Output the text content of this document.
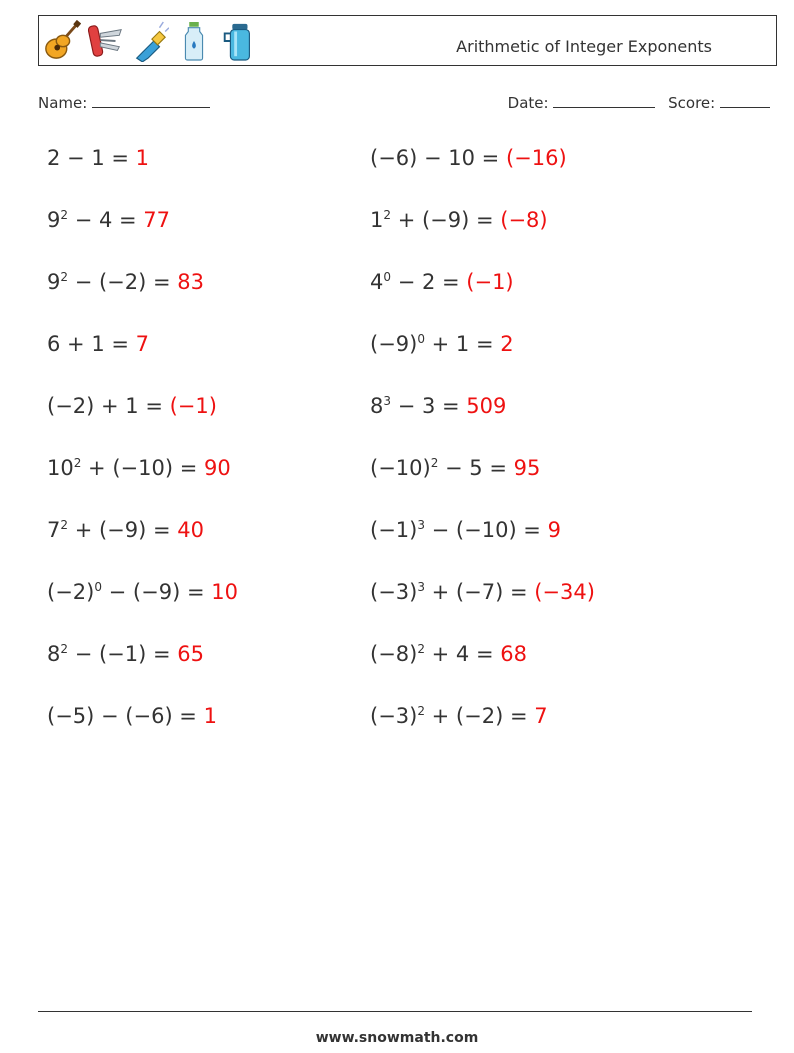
Arithmetic of Integer Exponents
Name:	Date:	Score:
2 − 1 = 1	(−6) − 10 = (−16)
$9^2 - 4 = 77$	$1^2 + (-9) = (-8)$
$9^2 - (-2) = 83$	$4^0 - 2 = (-1)$
6 + 1 = 7	$(-9)^0 + 1 = 2$
(−2) + 1 = (−1)	$8^3 - 3 = 509$
$10^2 + (-10) = 90$	$(-10)^2 - 5 = 95$
$7^2 + (-9) = 40$	$(-1)^3 - (-10) = 9$
$(-2)^0 - (-9) = 10$	$(-3)^3 + (-7) = (-34)$
$8^2 - (-1) = 65$	$(-8)^2 + 4 = 68$
(−5) − (−6) = 1	$(-3)^2 + (-2) = 7$
www.snowmath.com
